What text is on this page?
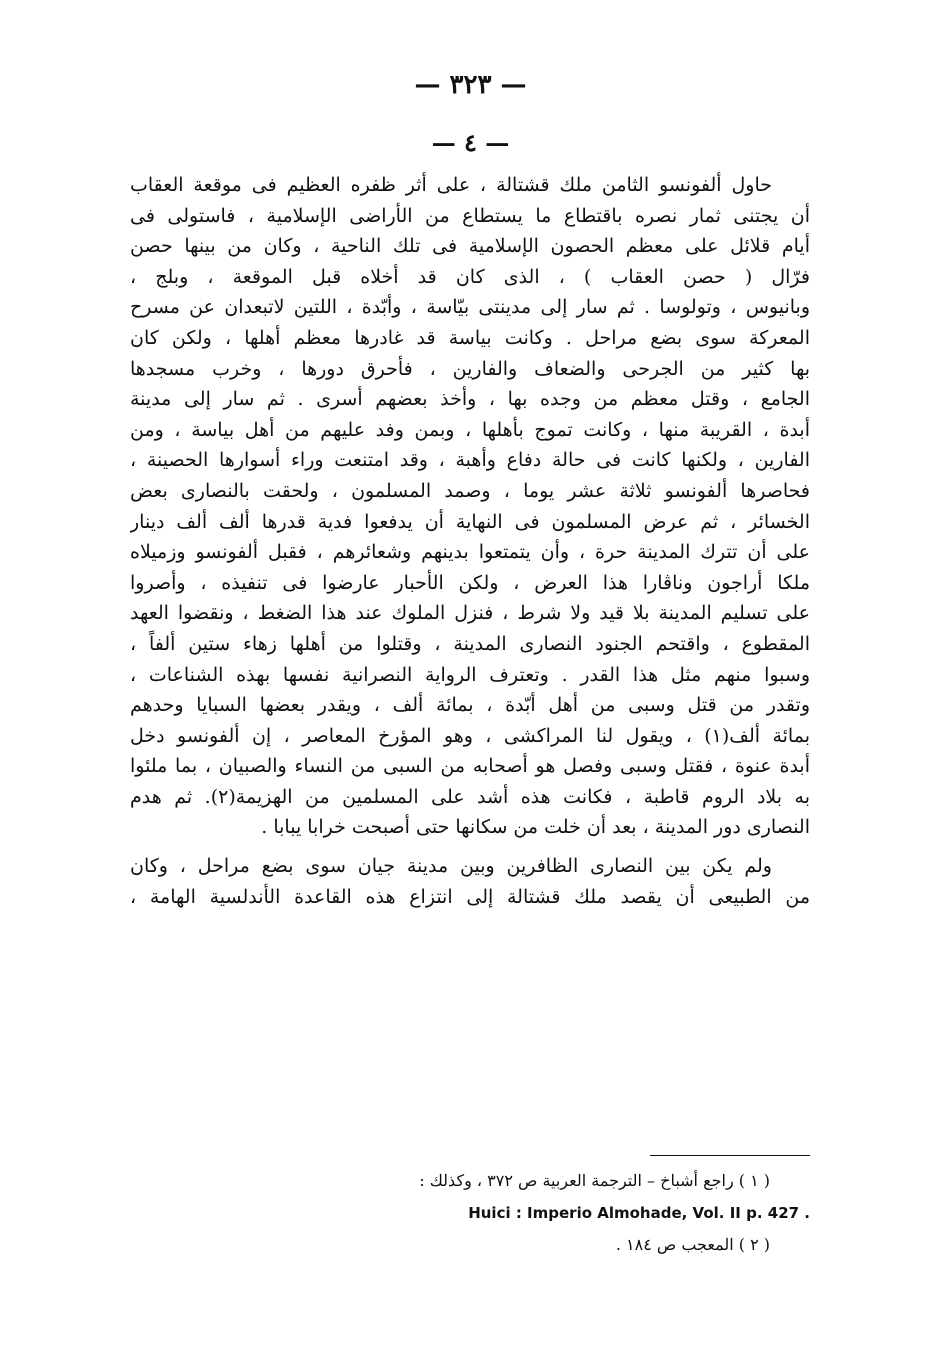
— ٣٢٣ —
— ٤ —
حاول ألفونسو الثامن ملك قشتالة ، على أثر ظفره العظيم فى موقعة العقاب
أن يجتنى ثمار نصره باقتطاع ما يستطاع من الأراضى الإسلامية ، فاستولى فى
أيام قلائل على معظم الحصون الإسلامية فى تلك الناحية ، وكان من بينها حصن
فرّال ( حصن العقاب ) ، الذى كان قد أخلاه قبل الموقعة ، وبلج ،
وبانيوس ، وتولوسا . ثم سار إلى مدينتى بيّاسة ، وأبّدة ، اللتين لاتبعدان عن مسرح
المعركة سوى بضع مراحل . وكانت بياسة قد غادرها معظم أهلها ، ولكن كان
بها كثير من الجرحى والضعاف والفارين ، فأحرق دورها ، وخرب مسجدها
الجامع ، وقتل معظم من وجده بها ، وأخذ بعضهم أسرى . ثم سار إلى مدينة
أبدة ، القريبة منها ، وكانت تموج بأهلها ، وبمن وفد عليهم من أهل بياسة ، ومن
الفارين ، ولكنها كانت فى حالة دفاع وأهبة ، وقد امتنعت وراء أسوارها الحصينة ،
فحاصرها ألفونسو ثلاثة عشر يوما ، وصمد المسلمون ، ولحقت بالنصارى بعض
الخسائر ، ثم عرض المسلمون فى النهاية أن يدفعوا فدية قدرها ألف ألف دينار
على أن تترك المدينة حرة ، وأن يتمتعوا بدينهم وشعائرهم ، فقبل ألفونسو وزميلاه
ملكا أراجون وناڤارا هذا العرض ، ولكن الأحبار عارضوا فى تنفيذه ، وأصروا
على تسليم المدينة بلا قيد ولا شرط ، فنزل الملوك عند هذا الضغط ، ونقضوا العهد
المقطوع ، واقتحم الجنود النصارى المدينة ، وقتلوا من أهلها زهاء ستين ألفاً ،
وسبوا منهم مثل هذا القدر . وتعترف الرواية النصرانية نفسها بهذه الشناعات ،
وتقدر من قتل وسبى من أهل أبّدة ، بمائة ألف ، ويقدر بعضها السبايا وحدهم
بمائة ألف(١) ، ويقول لنا المراكشى ، وهو المؤرخ المعاصر ، إن ألفونسو دخل
أبدة عنوة ، فقتل وسبى وفصل هو أصحابه من السبى من النساء والصبيان ، بما ملئوا
به بلاد الروم قاطبة ، فكانت هذه أشد على المسلمين من الهزيمة(٢). ثم هدم
النصارى دور المدينة ، بعد أن خلت من سكانها حتى أصبحت خرابا يبابا .
ولم يكن بين النصارى الظافرين وبين مدينة جيان سوى بضع مراحل ، وكان
من الطبيعى أن يقصد ملك قشتالة إلى انتزاع هذه القاعدة الأندلسية الهامة ،
( ١ ) راجع أشباخ – الترجمة العربية ص ٣٧٢ ، وكذلك :
Huici : Imperio Almohade, Vol. II p. 427 .
( ٢ ) المعجب ص ١٨٤ .
